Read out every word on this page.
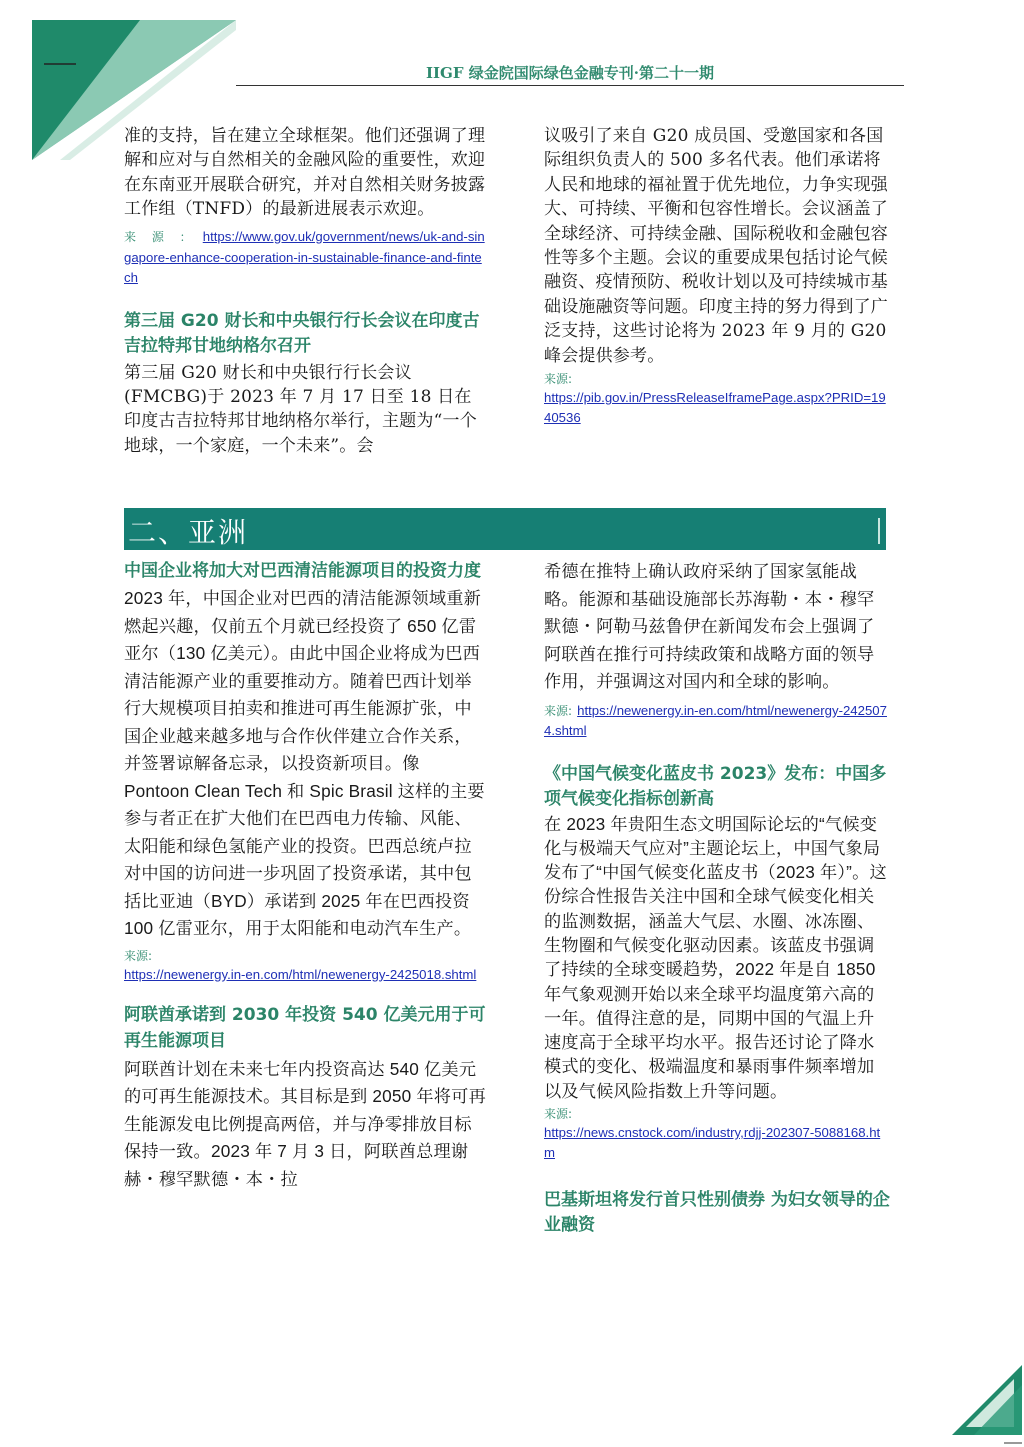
IIGF 绿金院国际绿色金融专刊·第二十一期

准的支持，旨在建立全球框架。他们还强调了理解和应对与自然相关的金融风险的重要性，欢迎在东南亚开展联合研究，并对自然相关财务披露工作组（TNFD）的最新进展表示欢迎。

来 源 ： https://www.gov.uk/government/news/uk-and-singapore-enhance-cooperation-in-sustainable-finance-and-fintech
第三届 G20 财长和中央银行行长会议在印度古吉拉特邦甘地纳格尔召开

第三届 G20 财长和中央银行行长会议(FMCBG)于 2023 年 7 月 17 日至 18 日在印度古吉拉特邦甘地纳格尔举行，主题为“一个地球，一个家庭，一个未来”。会

议吸引了来自 G20 成员国、受邀国家和各国际组织负责人的 500 多名代表。他们承诺将人民和地球的福祉置于优先地位，力争实现强大、可持续、平衡和包容性增长。会议涵盖了全球经济、可持续金融、国际税收和金融包容性等多个主题。会议的重要成果包括讨论气候融资、疫情预防、税收计划以及可持续城市基础设施融资等问题。印度主持的努力得到了广泛支持，这些讨论将为 2023 年 9 月的 G20 峰会提供参考。

来源:
https://pib.gov.in/PressReleaseIframePage.aspx?PRID=1940536
二、亚洲
中国企业将加大对巴西清洁能源项目的投资力度

2023 年，中国企业对巴西的清洁能源领域重新燃起兴趣，仅前五个月就已经投资了 650 亿雷亚尔（130 亿美元）。由此中国企业将成为巴西清洁能源产业的重要推动方。随着巴西计划举行大规模项目拍卖和推进可再生能源扩张，中国企业越来越多地与合作伙伴建立合作关系，并签署谅解备忘录，以投资新项目。像 Pontoon Clean Tech 和 Spic Brasil 这样的主要参与者正在扩大他们在巴西电力传输、风能、太阳能和绿色氢能产业的投资。巴西总统卢拉对中国的访问进一步巩固了投资承诺，其中包括比亚迪（BYD）承诺到 2025 年在巴西投资 100 亿雷亚尔，用于太阳能和电动汽车生产。

来源:
https://newenergy.in-en.com/html/newenergy-2425018.shtml
阿联酋承诺到 2030 年投资 540 亿美元用于可再生能源项目

阿联酋计划在未来七年内投资高达 540 亿美元的可再生能源技术。其目标是到 2050 年将可再生能源发电比例提高两倍，并与净零排放目标保持一致。2023 年 7 月 3 日，阿联酋总理谢赫・穆罕默德・本・拉

希德在推特上确认政府采纳了国家氢能战略。能源和基础设施部长苏海勒・本・穆罕默德・阿勒马兹鲁伊在新闻发布会上强调了阿联酋在推行可持续政策和战略方面的领导作用，并强调这对国内和全球的影响。

来源: https://newenergy.in-en.com/html/newenergy-2425074.shtml
《中国气候变化蓝皮书 2023》发布：中国多项气候变化指标创新高

在 2023 年贵阳生态文明国际论坛的“气候变化与极端天气应对”主题论坛上，中国气象局发布了“中国气候变化蓝皮书（2023 年）”。这份综合性报告关注中国和全球气候变化相关的监测数据，涵盖大气层、水圈、冰冻圈、生物圈和气候变化驱动因素。该蓝皮书强调了持续的全球变暖趋势，2022 年是自 1850 年气象观测开始以来全球平均温度第六高的一年。值得注意的是，同期中国的气温上升速度高于全球平均水平。报告还讨论了降水模式的变化、极端温度和暴雨事件频率增加以及气候风险指数上升等问题。

来源:
https://news.cnstock.com/industry,rdjj-202307-5088168.htm
巴基斯坦将发行首只性别债券 为妇女领导的企业融资
